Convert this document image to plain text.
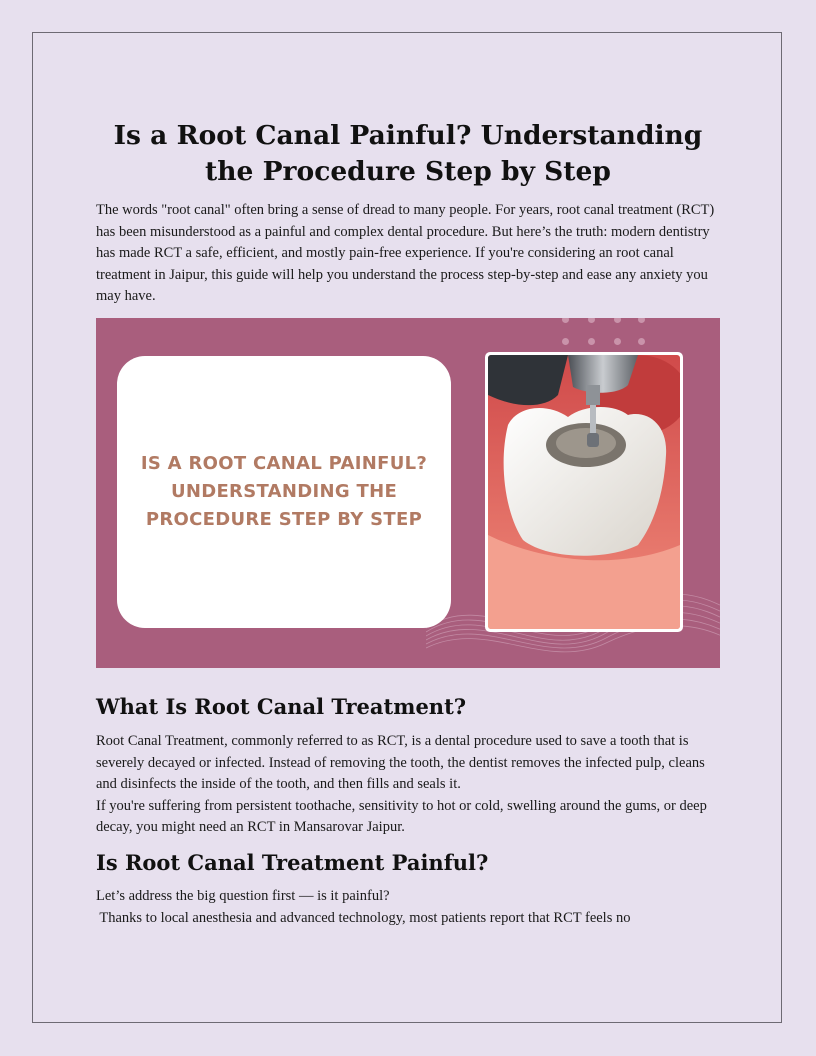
Is a Root Canal Painful? Understanding the Procedure Step by Step

The words "root canal" often bring a sense of dread to many people. For years, root canal treatment (RCT) has been misunderstood as a painful and complex dental procedure. But here’s the truth: modern dentistry has made RCT a safe, efficient, and mostly pain-free experience. If you're considering an root canal treatment in Jaipur, this guide will help you understand the process step-by-step and ease any anxiety you may have.

IS A ROOT CANAL PAINFUL?
UNDERSTANDING THE
PROCEDURE STEP BY STEP
What Is Root Canal Treatment?
Root Canal Treatment, commonly referred to as RCT, is a dental procedure used to save a tooth that is severely decayed or infected. Instead of removing the tooth, the dentist removes the infected pulp, cleans and disinfects the inside of the tooth, and then fills and seals it.
If you're suffering from persistent toothache, sensitivity to hot or cold, swelling around the gums, or deep decay, you might need an RCT in Mansarovar Jaipur.
Is Root Canal Treatment Painful?
Let’s address the big question first — is it painful?
Thanks to local anesthesia and advanced technology, most patients report that RCT feels no
